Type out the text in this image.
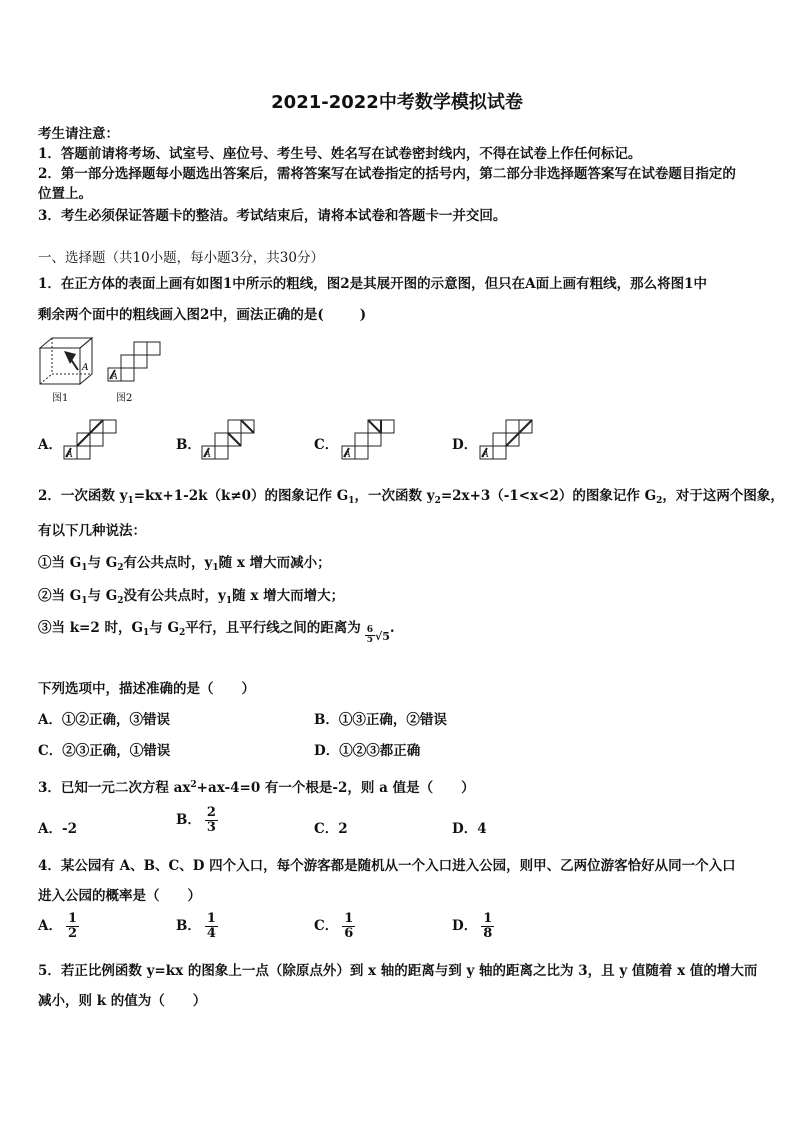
2021-2022中考数学模拟试卷
考生请注意：
1．答题前请将考场、试室号、座位号、考生号、姓名写在试卷密封线内，不得在试卷上作任何标记。
2．第一部分选择题每小题选出答案后，需将答案写在试卷指定的括号内，第二部分非选择题答案写在试卷题目指定的
位置上。
3．考生必须保证答题卡的整洁。考试结束后，请将本试卷和答题卡一并交回。
一、选择题（共10小题，每小题3分，共30分）
1．在正方体的表面上画有如图1中所示的粗线，图2是其展开图的示意图，但只在A面上画有粗线，那么将图1中
剩余两个面中的粗线画入图2中，画法正确的是(	)
A
图1
A
图2
A．
A
B．
A
C．
A
D．
A
2．一次函数 $y_1=kx+1-2k(k\ne 0)$的图象记作 $G_1$，一次函数 $y_2=2x+3(-1<x<2)$的图象记作 $G_2$，对于这两个图象，
有以下几种说法：
①当 $G_1$与 $G_2$有公共点时，$y_1$随 x 增大而减小；
②当 $G_1$与 $G_2$没有公共点时，$y_1$随 x 增大而增大；
③当 k=2 时，$G_1$与 $G_2$平行，且平行线之间的距离为 $\frac{6}{5} _{√5}$.
下列选项中，描述准确的是（ ）
A．①②正确，③错误	B．①③正确，②错误
C．②③正确，①错误	D．①②③都正确
3．已知一元二次方程 $ax^2+ax-4=0$ 有一个根是-2，则 a 值是（ ）
A．-2
B． $\frac{2}{3}$	C．2	D．4
4．某公园有 A、B、C、D 四个入口，每个游客都是随机从一个入口进入公园，则甲、乙两位游客恰好从同一个入口
进入公园的概率是（ ）
A． $\frac{1}{2}$	B． $\frac{1}{4}$	C． $\frac{1}{6}$	D． $\frac{1}{8}$
5．若正比例函数 y=kx 的图象上一点（除原点外）到 x 轴的距离与到 y 轴的距离之比为 3，且 y 值随着 x 值的增大而
减小，则 k 的值为（ ）
